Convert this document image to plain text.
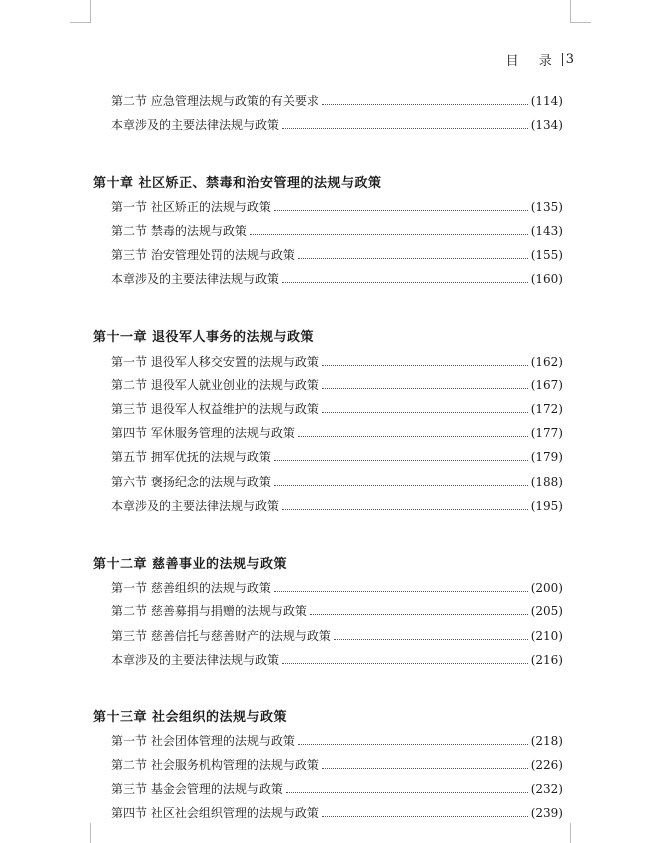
目 录 3
第二节 应急管理法规与政策的有关要求	(114)
本章涉及的主要法律法规与政策	(134)
第十章 社区矫正、禁毒和治安管理的法规与政策
第一节 社区矫正的法规与政策	(135)
第二节 禁毒的法规与政策	(143)
第三节 治安管理处罚的法规与政策	(155)
本章涉及的主要法律法规与政策	(160)
第十一章 退役军人事务的法规与政策
第一节 退役军人移交安置的法规与政策	(162)
第二节 退役军人就业创业的法规与政策	(167)
第三节 退役军人权益维护的法规与政策	(172)
第四节 军休服务管理的法规与政策	(177)
第五节 拥军优抚的法规与政策	(179)
第六节 褒扬纪念的法规与政策	(188)
本章涉及的主要法律法规与政策	(195)
第十二章 慈善事业的法规与政策
第一节 慈善组织的法规与政策	(200)
第二节 慈善募捐与捐赠的法规与政策	(205)
第三节 慈善信托与慈善财产的法规与政策	(210)
本章涉及的主要法律法规与政策	(216)
第十三章 社会组织的法规与政策
第一节 社会团体管理的法规与政策	(218)
第二节 社会服务机构管理的法规与政策	(226)
第三节 基金会管理的法规与政策	(232)
第四节 社区社会组织管理的法规与政策	(239)
